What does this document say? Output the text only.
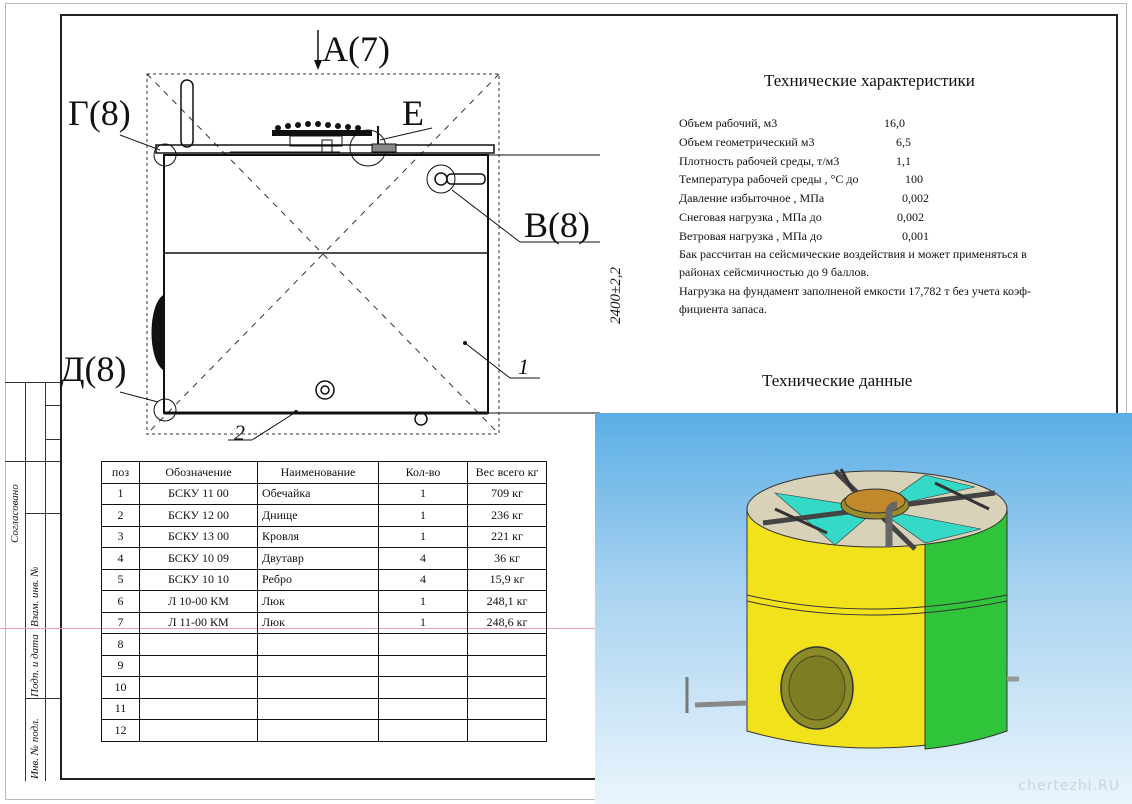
Согласовано
Взам. инв. №
Подп. и дата
Инв. № подл.
А(7)
Г(8)	Е
В(8)
Д(8)	1
2
2400±2,2
Технические характеристики
Объем рабочий, м3	16,0
Объем геометрический м3	6,5
Плотность рабочей среды, т/м3	1,1
Температура рабочей среды , °С до	100
Давление избыточное , МПа	0,002
Снеговая нагрузка , МПа до	0,002
Ветровая нагрузка , МПа до	0,001
Бак рассчитан на сейсмические воздействия и может применяться в
районах сейсмичностью до 9 баллов.
Нагрузка на фундамент заполненой емкости 17,782 т без учета коэф-
фициента запаса.
Технические данные
поз	Обозначение	Наименование	Кол-во	Вес всего кг
1	БСКУ 11 00	Обечайка	1	709 кг
2	БСКУ 12 00	Днище	1	236 кг
3	БСКУ 13 00	Кровля	1	221 кг
4	БСКУ 10 09	Двутавр	4	36 кг
5	БСКУ 10 10	Ребро	4	15,9 кг
6	Л 10-00 КМ	Люк	1	248,1 кг
7	Л 11-00 КМ	Люк	1	248,6 кг
8				
9				
10				
11				
12				
chertezhi.RU
